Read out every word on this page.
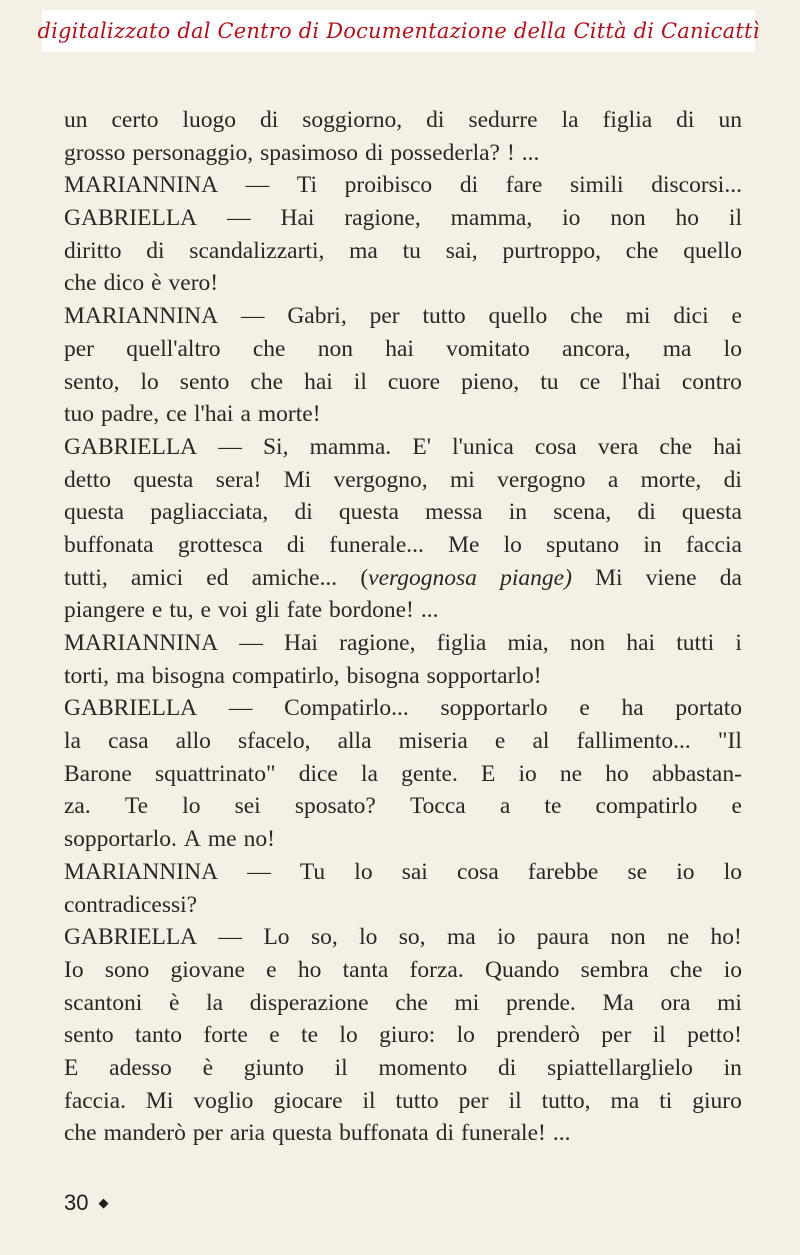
digitalizzato dal Centro di Documentazione della Città di Canicattì
un certo luogo di soggiorno, di sedurre la figlia di un
grosso personaggio, spasimoso di possederla? ! ...
MARIANNINA — Ti proibisco di fare simili discorsi...
GABRIELLA — Hai ragione, mamma, io non ho il
diritto di scandalizzarti, ma tu sai, purtroppo, che quello
che dico è vero!
MARIANNINA — Gabri, per tutto quello che mi dici e
per quell'altro che non hai vomitato ancora, ma lo
sento, lo sento che hai il cuore pieno, tu ce l'hai contro
tuo padre, ce l'hai a morte!
GABRIELLA — Si, mamma. E' l'unica cosa vera che hai
detto questa sera! Mi vergogno, mi vergogno a morte, di
questa pagliacciata, di questa messa in scena, di questa
buffonata grottesca di funerale... Me lo sputano in faccia
tutti, amici ed amiche... (vergognosa piange) Mi viene da
piangere e tu, e voi gli fate bordone! ...
MARIANNINA — Hai ragione, figlia mia, non hai tutti i
torti, ma bisogna compatirlo, bisogna sopportarlo!
GABRIELLA — Compatirlo... sopportarlo e ha portato
la casa allo sfacelo, alla miseria e al fallimento... "Il
Barone squattrinato" dice la gente. E io ne ho abbastan-
za. Te lo sei sposato? Tocca a te compatirlo e
sopportarlo. A me no!
MARIANNINA — Tu lo sai cosa farebbe se io lo
contradicessi?
GABRIELLA — Lo so, lo so, ma io paura non ne ho!
Io sono giovane e ho tanta forza. Quando sembra che io
scantoni è la disperazione che mi prende. Ma ora mi
sento tanto forte e te lo giuro: lo prenderò per il petto!
E adesso è giunto il momento di spiattellarglielo in
faccia. Mi voglio giocare il tutto per il tutto, ma ti giuro
che manderò per aria questa buffonata di funerale! ...
30 ◆
